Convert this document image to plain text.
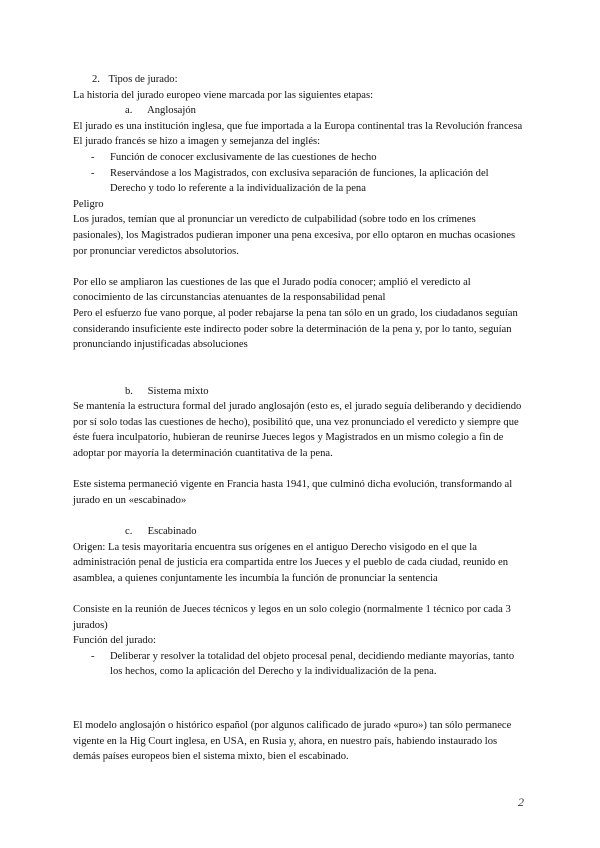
2. Tipos de jurado:

La historia del jurado europeo viene marcada por las siguientes etapas:

a. Anglosajón

El jurado es una institución inglesa, que fue importada a la Europa continental tras la Revolución francesa

El jurado francés se hizo a imagen y semejanza del inglés:

- Función de conocer exclusivamente de las cuestiones de hecho
- Reservándose a los Magistrados, con exclusiva separación de funciones, la aplicación del Derecho y todo lo referente a la individualización de la pena

Peligro

Los jurados, temían que al pronunciar un veredicto de culpabilidad (sobre todo en los crímenes pasionales), los Magistrados pudieran imponer una pena excesiva, por ello optaron en muchas ocasiones por pronunciar veredictos absolutorios.

Por ello se ampliaron las cuestiones de las que el Jurado podía conocer; amplió el veredicto al conocimiento de las circunstancias atenuantes de la responsabilidad penal

Pero el esfuerzo fue vano porque, al poder rebajarse la pena tan sólo en un grado, los ciudadanos seguían considerando insuficiente este indirecto poder sobre la determinación de la pena y, por lo tanto, seguían pronunciando injustificadas absoluciones

b. Sistema mixto

Se mantenía la estructura formal del jurado anglosajón (esto es, el jurado seguía deliberando y decidiendo por sí solo todas las cuestiones de hecho), posibilitó que, una vez pronunciado el veredicto y siempre que éste fuera inculpatorio, hubieran de reunirse Jueces legos y Magistrados en un mismo colegio a fin de adoptar por mayoría la determinación cuantitativa de la pena.

Este sistema permaneció vigente en Francia hasta 1941, que culminó dicha evolución, transformando al jurado en un «escabinado»

c. Escabinado

Origen: La tesis mayoritaria encuentra sus orígenes en el antiguo Derecho visigodo en el que la administración penal de justicia era compartida entre los Jueces y el pueblo de cada ciudad, reunido en asamblea, a quienes conjuntamente les incumbía la función de pronunciar la sentencia

Consiste en la reunión de Jueces técnicos y legos en un solo colegio (normalmente 1 técnico por cada 3 jurados)

Función del jurado:

- Deliberar y resolver la totalidad del objeto procesal penal, decidiendo mediante mayorías, tanto los hechos, como la aplicación del Derecho y la individualización de la pena.

El modelo anglosajón o histórico español (por algunos calificado de jurado «puro») tan sólo permanece vigente en la Hig Court inglesa, en USA, en Rusia y, ahora, en nuestro país, habiendo instaurado los demás países europeos bien el sistema mixto, bien el escabinado.

2
